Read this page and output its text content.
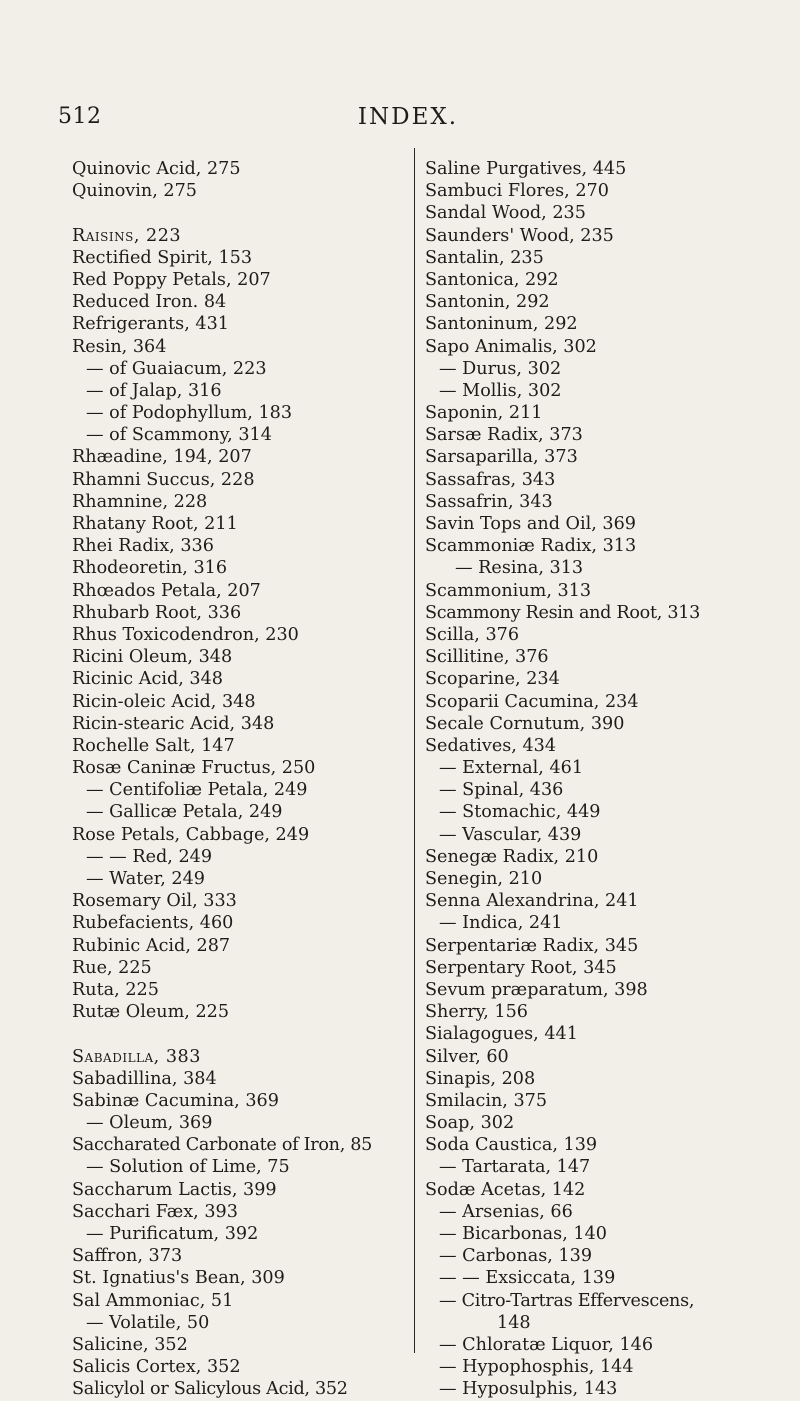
512	INDEX.
Quinovic Acid, 275
Quinovin, 275
Raisins, 223
Rectified Spirit, 153
Red Poppy Petals, 207
Reduced Iron. 84
Refrigerants, 431
Resin, 364
— of Guaiacum, 223
— of Jalap, 316
— of Podophyllum, 183
— of Scammony, 314
Rhæadine, 194, 207
Rhamni Succus, 228
Rhamnine, 228
Rhatany Root, 211
Rhei Radix, 336
Rhodeoretin, 316
Rhœados Petala, 207
Rhubarb Root, 336
Rhus Toxicodendron, 230
Ricini Oleum, 348
Ricinic Acid, 348
Ricin-oleic Acid, 348
Ricin-stearic Acid, 348
Rochelle Salt, 147
Rosæ Caninæ Fructus, 250
— Centifoliæ Petala, 249
— Gallicæ Petala, 249
Rose Petals, Cabbage, 249
— — Red, 249
— Water, 249
Rosemary Oil, 333
Rubefacients, 460
Rubinic Acid, 287
Rue, 225
Ruta, 225
Rutæ Oleum, 225
Sabadilla, 383
Sabadillina, 384
Sabinæ Cacumina, 369
— Oleum, 369
Saccharated Carbonate of Iron, 85
— Solution of Lime, 75
Saccharum Lactis, 399
Sacchari Fæx, 393
— Purificatum, 392
Saffron, 373
St. Ignatius's Bean, 309
Sal Ammoniac, 51
— Volatile, 50
Salicine, 352
Salicis Cortex, 352
Salicylol or Salicylous Acid, 352
Saline Purgatives, 445
Sambuci Flores, 270
Sandal Wood, 235
Saunders' Wood, 235
Santalin, 235
Santonica, 292
Santonin, 292
Santoninum, 292
Sapo Animalis, 302
— Durus, 302
— Mollis, 302
Saponin, 211
Sarsæ Radix, 373
Sarsaparilla, 373
Sassafras, 343
Sassafrin, 343
Savin Tops and Oil, 369
Scammoniæ Radix, 313
— Resina, 313
Scammonium, 313
Scammony Resin and Root, 313
Scilla, 376
Scillitine, 376
Scoparine, 234
Scoparii Cacumina, 234
Secale Cornutum, 390
Sedatives, 434
— External, 461
— Spinal, 436
— Stomachic, 449
— Vascular, 439
Senegæ Radix, 210
Senegin, 210
Senna Alexandrina, 241
— Indica, 241
Serpentariæ Radix, 345
Serpentary Root, 345
Sevum præparatum, 398
Sherry, 156
Sialagogues, 441
Silver, 60
Sinapis, 208
Smilacin, 375
Soap, 302
Soda Caustica, 139
— Tartarata, 147
Sodæ Acetas, 142
— Arsenias, 66
— Bicarbonas, 140
— Carbonas, 139
— — Exsiccata, 139
— Citro-Tartras Effervescens,
148
— Chloratæ Liquor, 146
— Hypophosphis, 144
— Hyposulphis, 143
